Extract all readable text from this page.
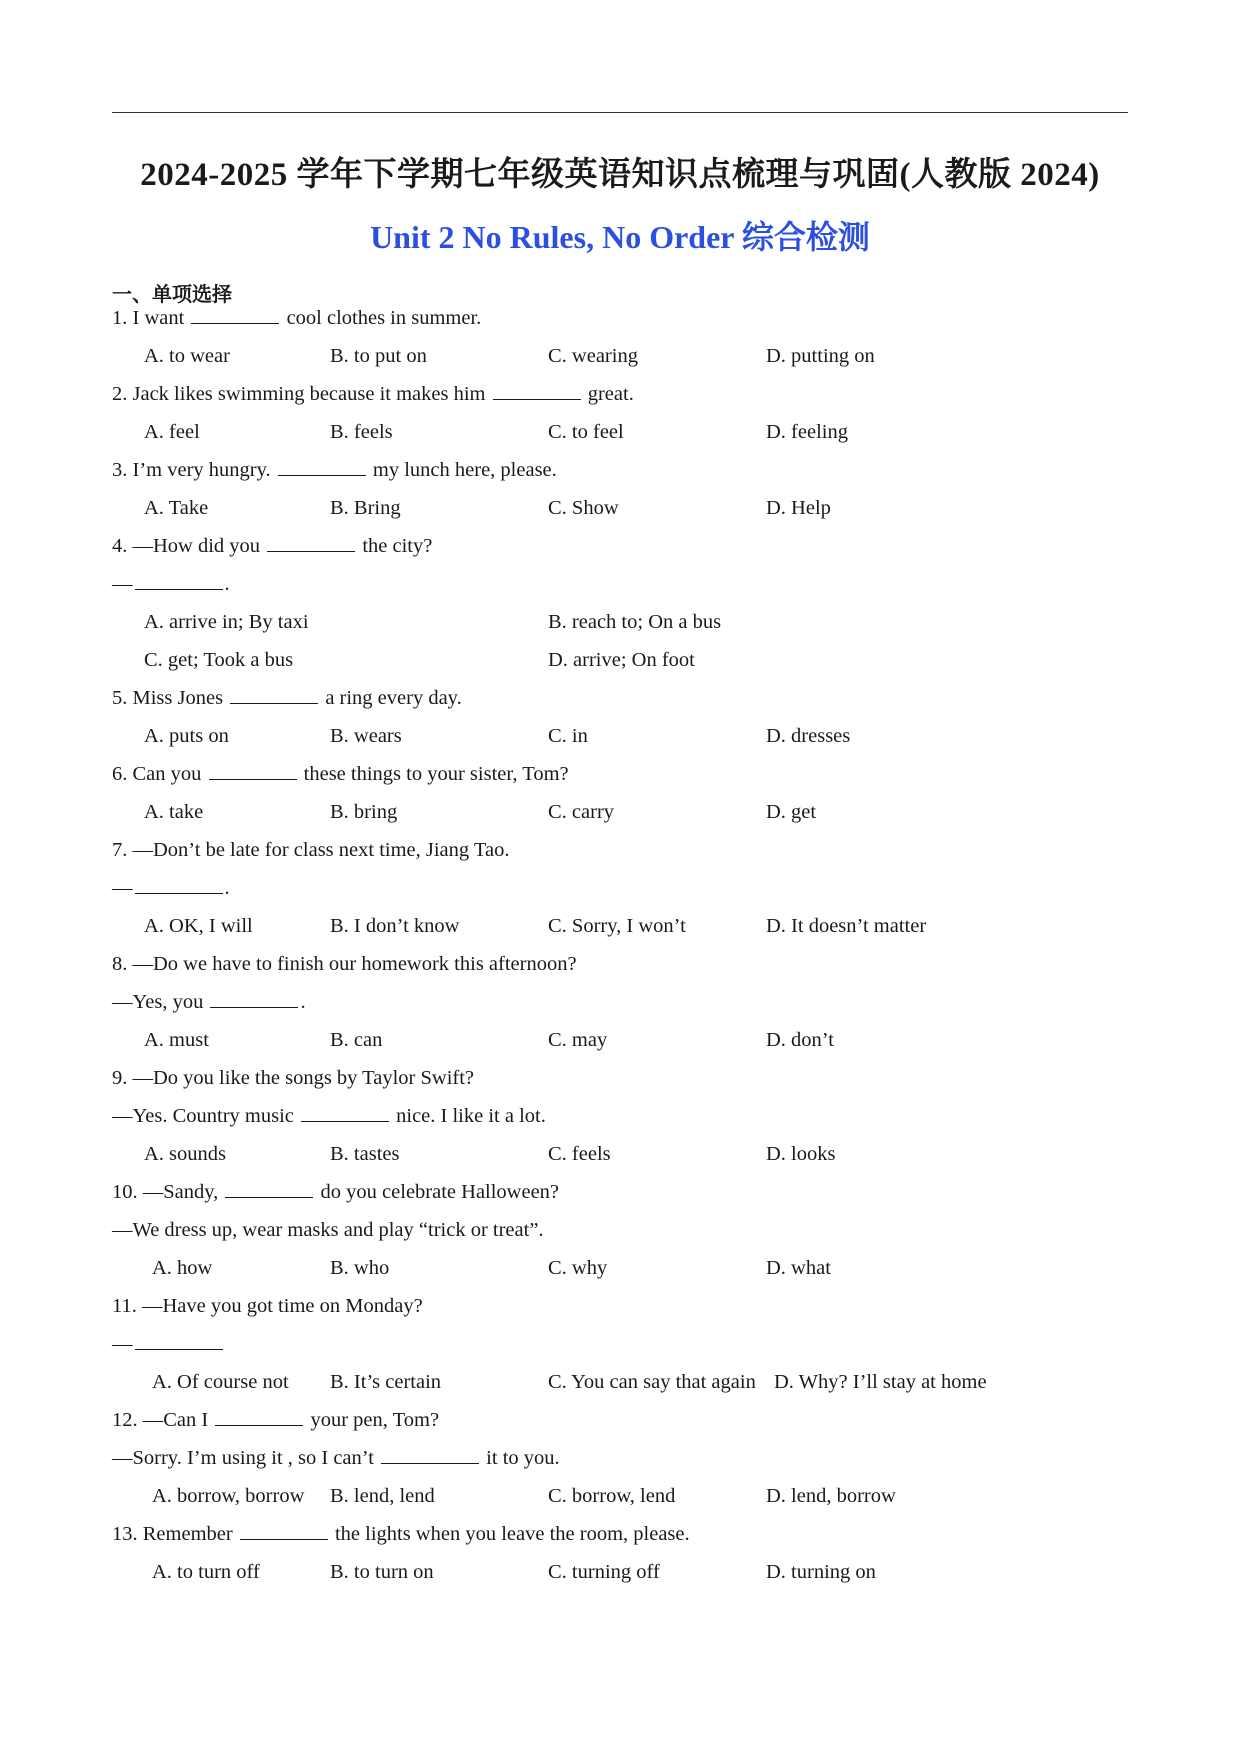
2024-2025 学年下学期七年级英语知识点梳理与巩固(人教版 2024)
Unit 2 No Rules, No Order 综合检测
一、单项选择
1. I want	cool clothes in summer.
A. to wear	B. to put on	C. wearing	D. putting on
2. Jack likes swimming because it makes him	great.
A. feel	B. feels	C. to feel	D. feeling
3. I’m very hungry.	my lunch here, please.
A. Take	B. Bring	C. Show	D. Help
4. —How did you	the city?
—	.
A. arrive in; By taxi	B. reach to; On a bus
C. get; Took a bus	D. arrive; On foot
5. Miss Jones	a ring every day.
A. puts on	B. wears	C. in	D. dresses
6. Can you	these things to your sister, Tom?
A. take	B. bring	C. carry	D. get
7. —Don’t be late for class next time, Jiang Tao.
—	.
A. OK, I will	B. I don’t know	C. Sorry, I won’t	D. It doesn’t matter
8. —Do we have to finish our homework this afternoon?
—Yes, you	.
A. must	B. can	C. may	D. don’t
9. —Do you like the songs by Taylor Swift?
—Yes. Country music	nice. I like it a lot.
A. sounds	B. tastes	C. feels	D. looks
10. —Sandy,	do you celebrate Halloween?
—We dress up, wear masks and play “trick or treat”.
A. how	B. who	C. why	D. what
11. —Have you got time on Monday?
—
A. Of course not B. It’s certain	C. You can say that again D. Why? I’ll stay at home
12. —Can I	your pen, Tom?
—Sorry. I’m using it , so I can’t	it to you.
A. borrow, borrow B. lend, lend	C. borrow, lend	D. lend, borrow
13. Remember	the lights when you leave the room, please.
A. to turn off	B. to turn on	C. turning off	D. turning on
